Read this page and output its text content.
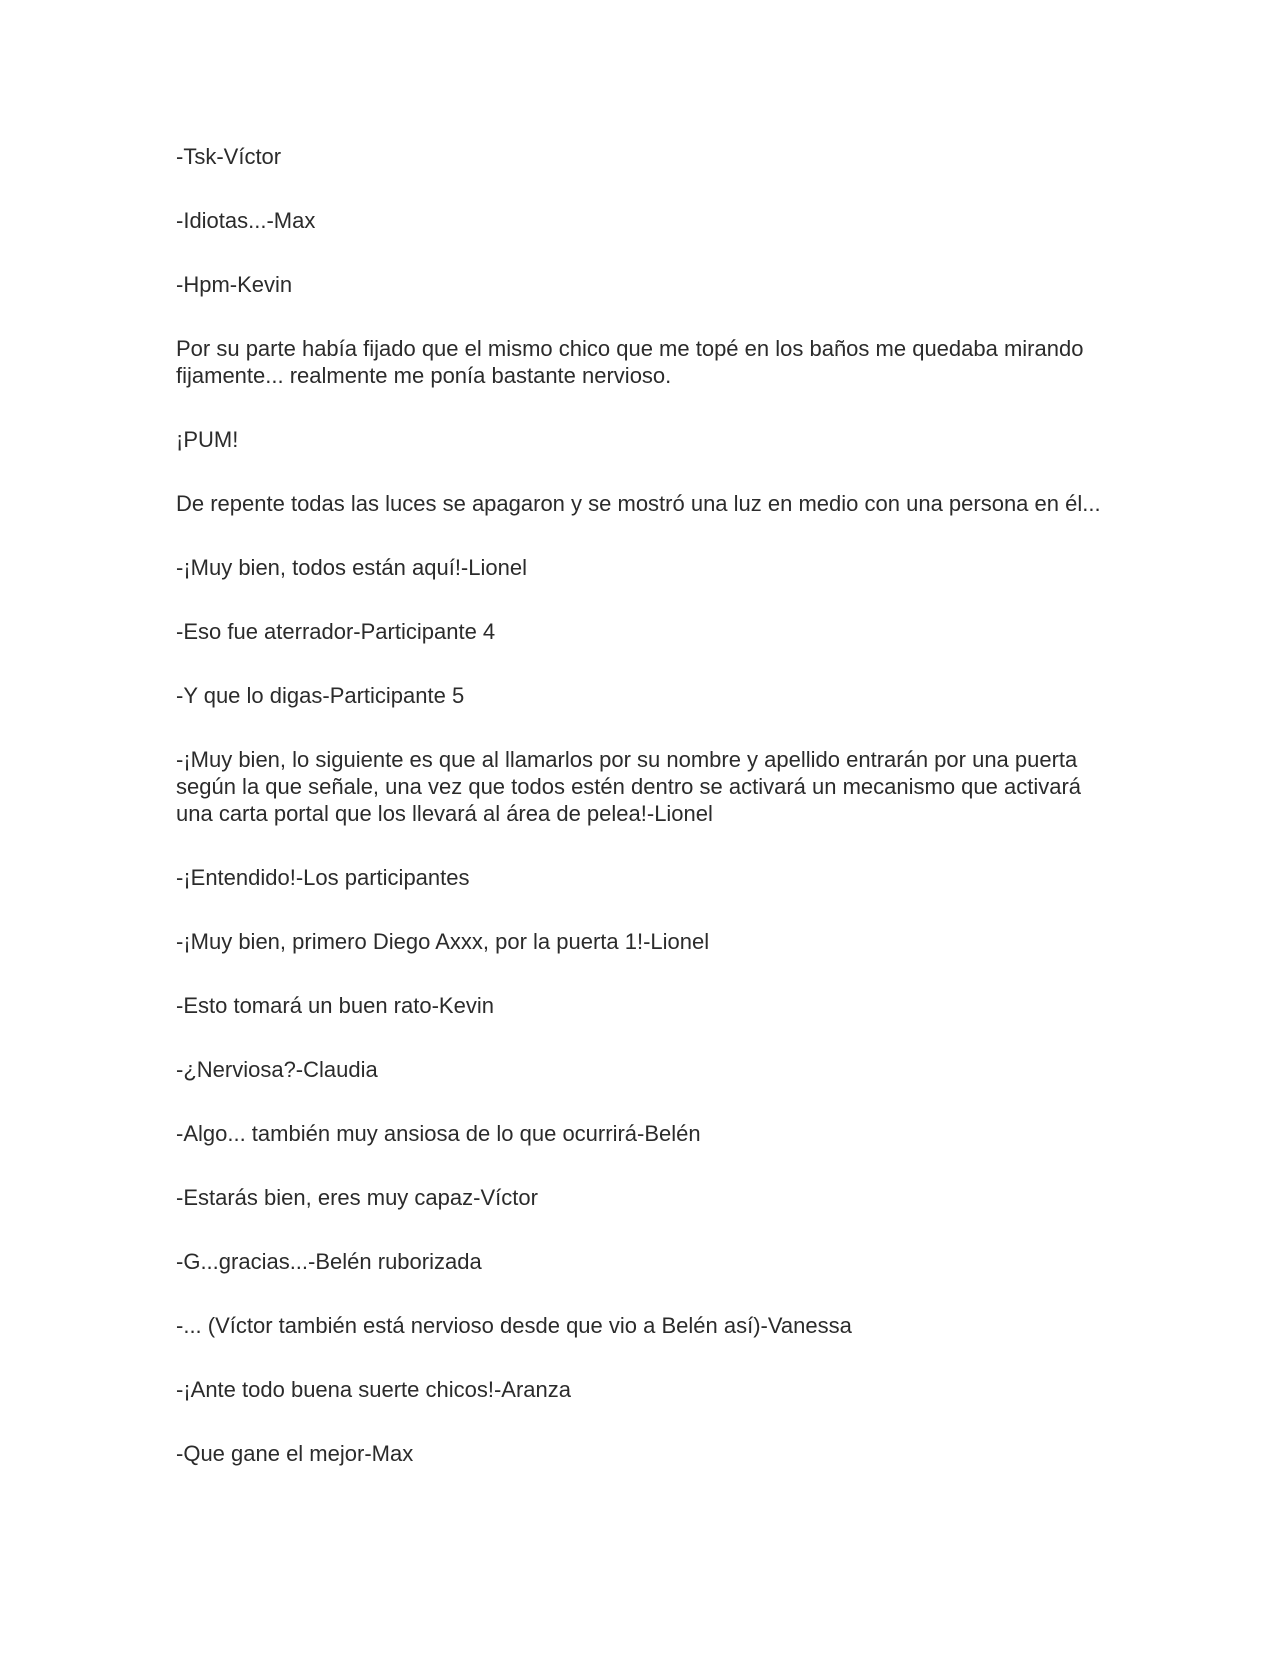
-Tsk-Víctor

-Idiotas...-Max

-Hpm-Kevin

Por su parte había fijado que el mismo chico que me topé en los baños me quedaba mirando fijamente... realmente me ponía bastante nervioso.

¡PUM!

De repente todas las luces se apagaron y se mostró una luz en medio con una persona en él...

-¡Muy bien, todos están aquí!-Lionel

-Eso fue aterrador-Participante 4

-Y que lo digas-Participante 5

-¡Muy bien, lo siguiente es que al llamarlos por su nombre y apellido entrarán por una puerta según la que señale, una vez que todos estén dentro se activará un mecanismo que activará una carta portal que los llevará al área de pelea!-Lionel

-¡Entendido!-Los participantes

-¡Muy bien, primero Diego Axxx, por la puerta 1!-Lionel

-Esto tomará un buen rato-Kevin

-¿Nerviosa?-Claudia

-Algo... también muy ansiosa de lo que ocurrirá-Belén

-Estarás bien, eres muy capaz-Víctor

-G...gracias...-Belén ruborizada

-... (Víctor también está nervioso desde que vio a Belén así)-Vanessa

-¡Ante todo buena suerte chicos!-Aranza

-Que gane el mejor-Max
